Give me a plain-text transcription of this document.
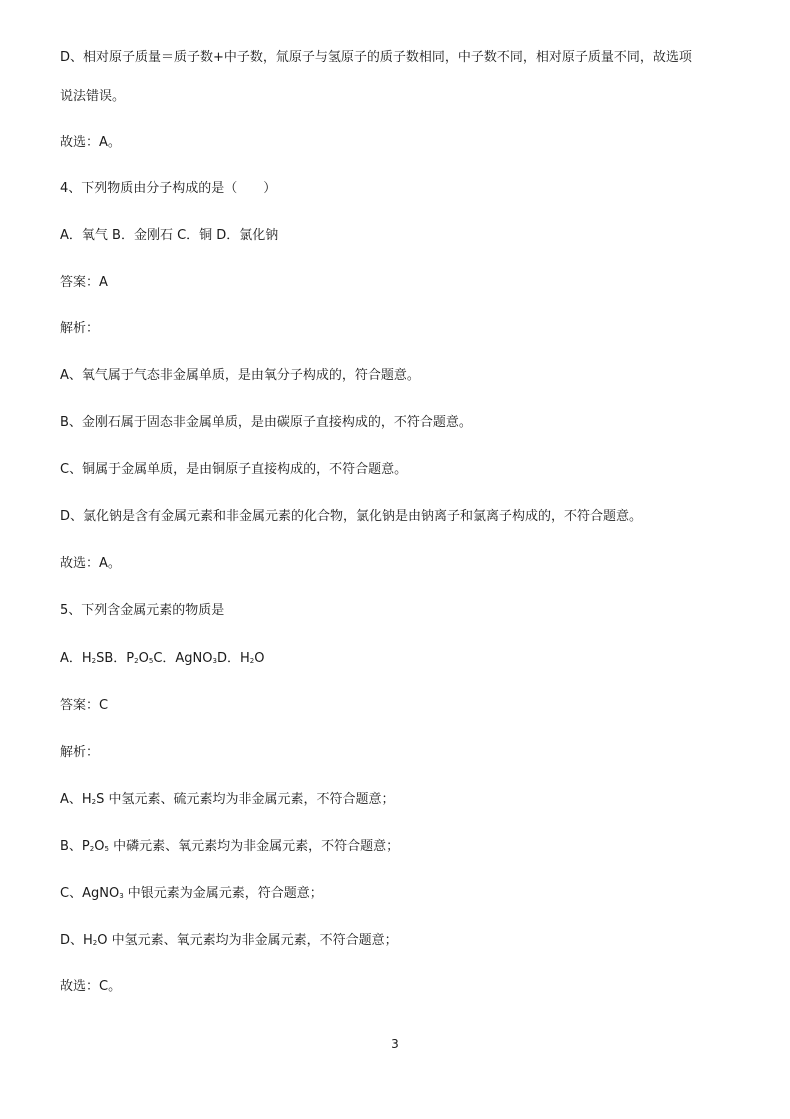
D、相对原子质量＝质子数+中子数，氚原子与氢原子的质子数相同，中子数不同，相对原子质量不同，故选项
说法错误。
故选：A。
4、下列物质由分子构成的是（　　）
A．氧气 B．金刚石 C．铜 D．氯化钠
答案：A
解析：
A、氧气属于气态非金属单质，是由氧分子构成的，符合题意。
B、金刚石属于固态非金属单质，是由碳原子直接构成的，不符合题意。
C、铜属于金属单质，是由铜原子直接构成的，不符合题意。
D、氯化钠是含有金属元素和非金属元素的化合物，氯化钠是由钠离子和氯离子构成的，不符合题意。
故选：A。
5、下列含金属元素的物质是
A．$H_2SB$．$P_2O_5C$．AgNO$_3$D．$H_2O$
答案：C
解析：
A、$H_2S$ 中氢元素、硫元素均为非金属元素，不符合题意；
B、$P_2O_5$ 中磷元素、氧元素均为非金属元素，不符合题意；
C、AgNO$_3$ 中银元素为金属元素，符合题意；
D、$H_2O$ 中氢元素、氧元素均为非金属元素，不符合题意；
故选：C。
3
